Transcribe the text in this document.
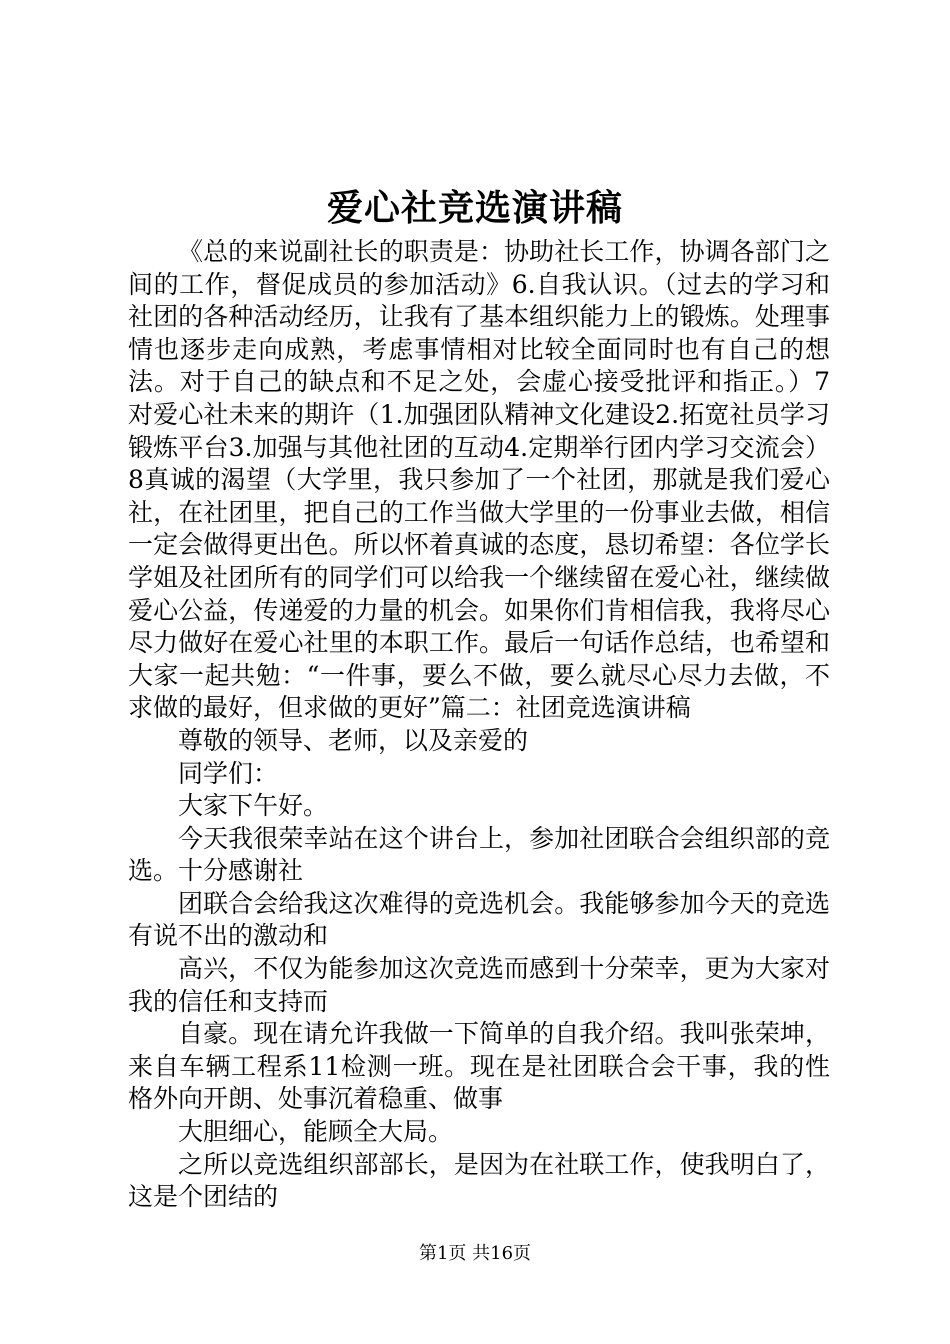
爱心社竞选演讲稿

《总的来说副社长的职责是：协助社长工作，协调各部门之间的工作，督促成员的参加活动》6.自我认识。（过去的学习和社团的各种活动经历，让我有了基本组织能力上的锻炼。处理事情也逐步走向成熟，考虑事情相对比较全面同时也有自己的想法。对于自己的缺点和不足之处，会虚心接受批评和指正。）7对爱心社未来的期许（1.加强团队精神文化建设2.拓宽社员学习锻炼平台3.加强与其他社团的互动4.定期举行团内学习交流会）8真诚的渴望（大学里，我只参加了一个社团，那就是我们爱心社，在社团里，把自己的工作当做大学里的一份事业去做，相信一定会做得更出色。所以怀着真诚的态度，恳切希望：各位学长学姐及社团所有的同学们可以给我一个继续留在爱心社，继续做爱心公益，传递爱的力量的机会。如果你们肯相信我，我将尽心尽力做好在爱心社里的本职工作。最后一句话作总结，也希望和大家一起共勉：“一件事，要么不做，要么就尽心尽力去做，不求做的最好，但求做的更好”篇二：社团竞选演讲稿

尊敬的领导、老师，以及亲爱的

同学们：

大家下午好。

今天我很荣幸站在这个讲台上，参加社团联合会组织部的竞选。十分感谢社

团联合会给我这次难得的竞选机会。我能够参加今天的竞选有说不出的激动和

高兴，不仅为能参加这次竞选而感到十分荣幸，更为大家对我的信任和支持而

自豪。现在请允许我做一下简单的自我介绍。我叫张荣坤，来自车辆工程系11检测一班。现在是社团联合会干事，我的性格外向开朗、处事沉着稳重、做事

大胆细心，能顾全大局。

之所以竞选组织部部长，是因为在社联工作，使我明白了，这是个团结的

第1页 共16页
